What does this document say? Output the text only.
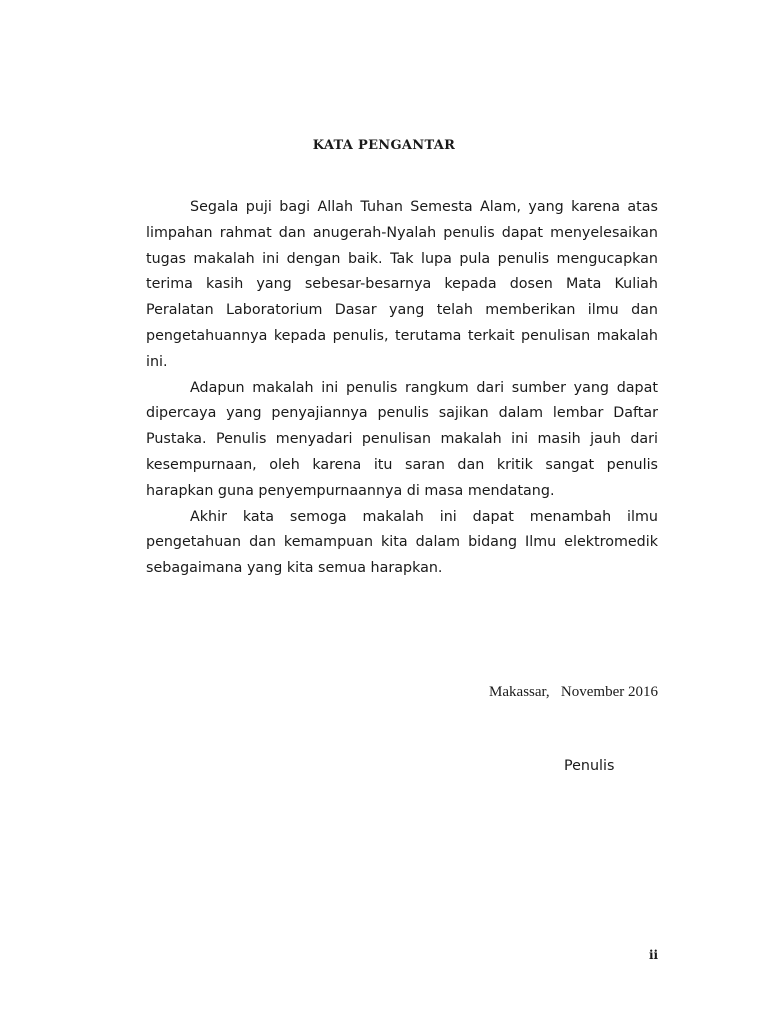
KATA PENGANTAR

Segala puji bagi Allah Tuhan Semesta Alam, yang karena atas limpahan rahmat dan anugerah-Nyalah penulis dapat menyelesaikan tugas makalah ini dengan baik. Tak lupa pula penulis mengucapkan terima kasih yang sebesar-besarnya kepada dosen Mata Kuliah Peralatan Laboratorium Dasar yang telah memberikan ilmu dan pengetahuannya kepada penulis, terutama terkait penulisan makalah ini.

Adapun makalah ini penulis rangkum dari sumber yang dapat dipercaya yang penyajiannya penulis sajikan dalam lembar Daftar Pustaka. Penulis menyadari penulisan makalah ini masih jauh dari kesempurnaan, oleh karena itu saran dan kritik sangat penulis harapkan guna penyempurnaannya di masa mendatang.

Akhir kata semoga makalah ini dapat menambah ilmu pengetahuan dan kemampuan kita dalam bidang Ilmu elektromedik sebagaimana yang kita semua harapkan.

Makassar,   November 2016
Penulis
ii
